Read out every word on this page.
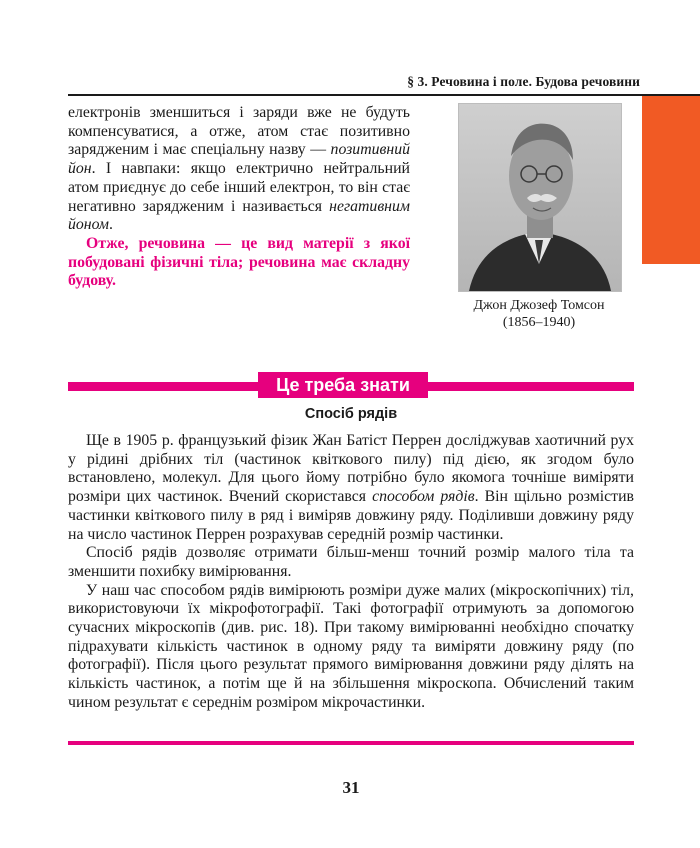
§ 3. Речовина і поле. Будова речовини

електронів зменшиться і заряди вже не будуть компенсуватися, а отже, атом стає позитивно зарядженим і має спеціальну назву — позитивний йон. І навпаки: якщо електрично нейтральний атом приєднує до себе інший електрон, то він стає негативно зарядженим і називається негативним йоном.

Отже, речовина — це вид матерії з якої побудовані фізичні тіла; речовина має складну будову.

Джон Джозеф Томсон
(1856–1940)
Це треба знати
Спосіб рядів

Ще в 1905 р. французький фізик Жан Батіст Перрен досліджував хаотичний рух у рідині дрібних тіл (частинок квіткового пилу) під дією, як згодом було встановлено, молекул. Для цього йому потрібно було якомога точніше виміряти розміри цих частинок. Вчений скористався способом рядів. Він щільно розмістив частинки квіткового пилу в ряд і виміряв довжину ряду. Поділивши довжину ряду на число частинок Перрен розрахував середній розмір частинки.

Спосіб рядів дозволяє отримати більш-менш точний розмір малого тіла та зменшити похибку вимірювання.

У наш час способом рядів вимірюють розміри дуже малих (мікроскопічних) тіл, використовуючи їх мікрофотографії. Такі фотографії отримують за допомогою сучасних мікроскопів (див. рис. 18). При такому вимірюванні необхідно спочатку підрахувати кількість частинок в одному ряду та виміряти довжину ряду (по фотографії). Після цього результат прямого вимірювання довжини ряду ділять на кількість частинок, а потім ще й на збільшення мікроскопа. Обчислений таким чином результат є середнім розміром мікрочастинки.

31
